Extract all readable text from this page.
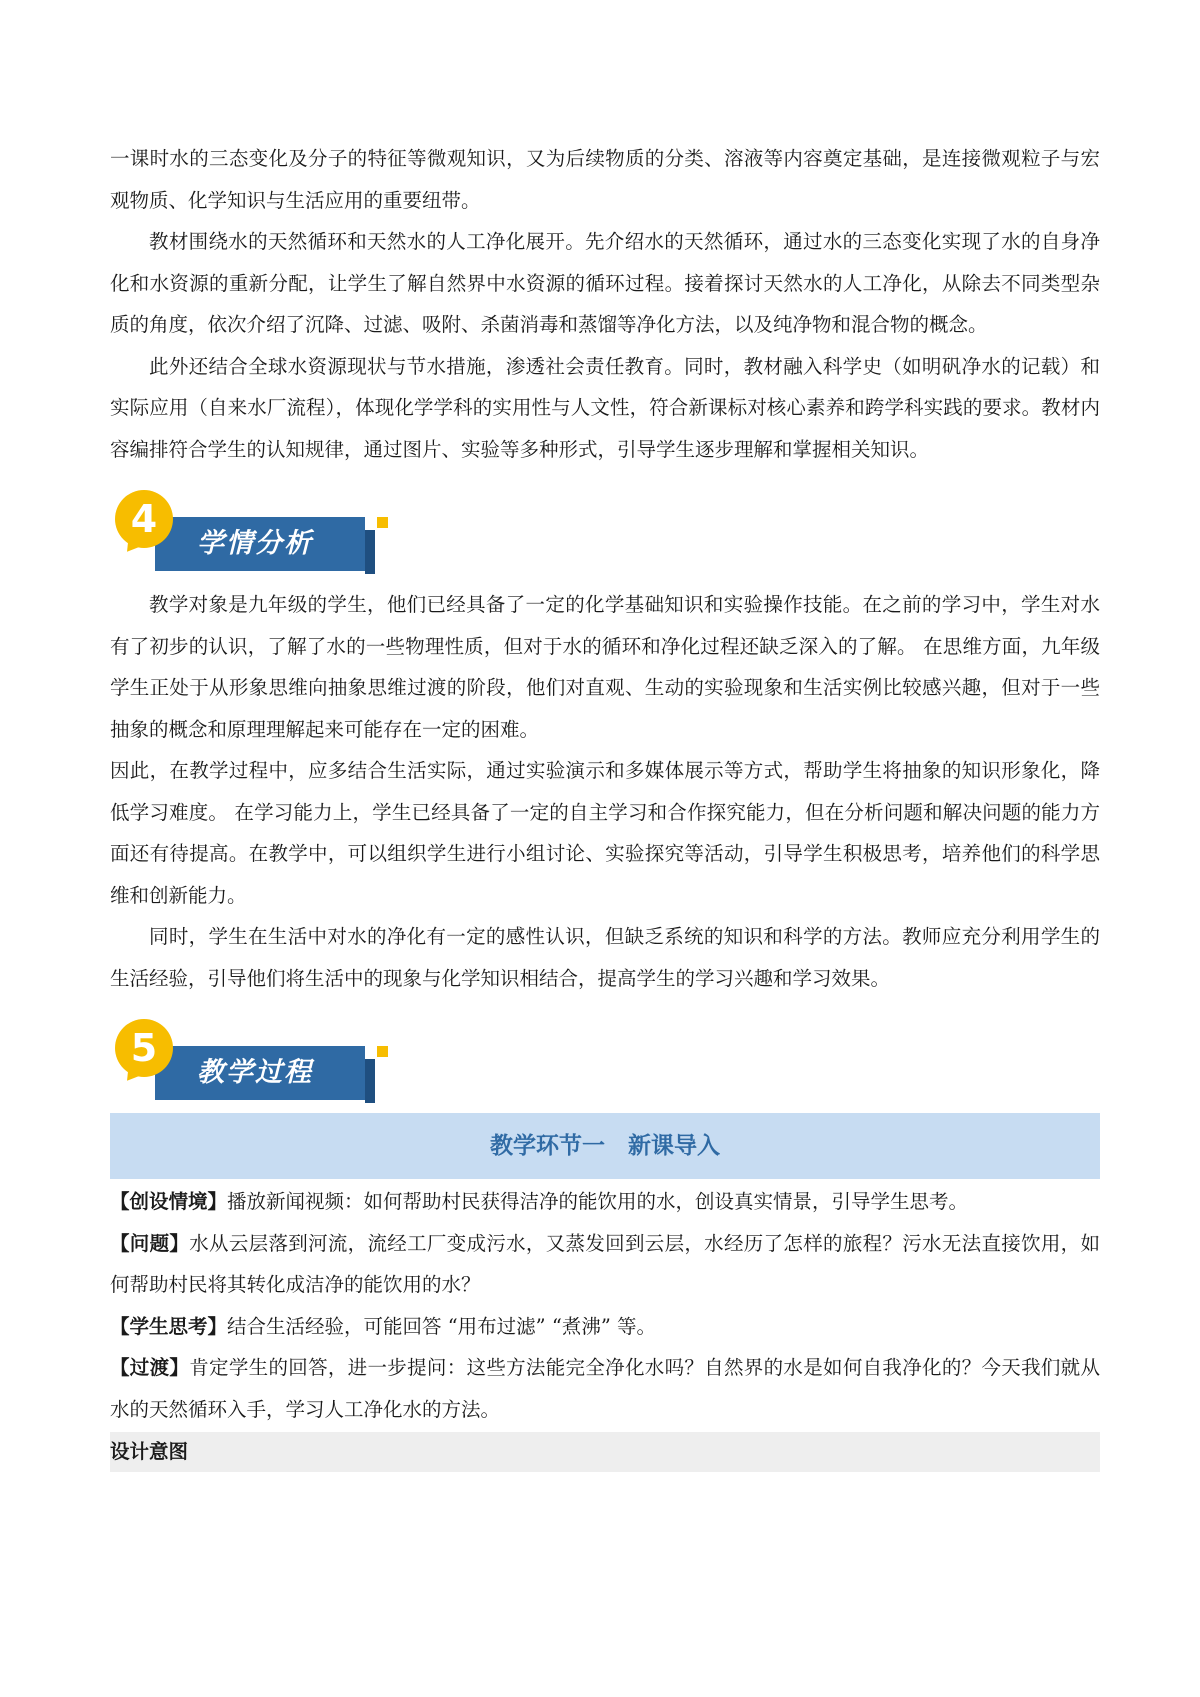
一课时水的三态变化及分子的特征等微观知识，又为后续物质的分类、溶液等内容奠定基础，是连接微观粒子与宏观物质、化学知识与生活应用的重要纽带。

教材围绕水的天然循环和天然水的人工净化展开。先介绍水的天然循环，通过水的三态变化实现了水的自身净化和水资源的重新分配，让学生了解自然界中水资源的循环过程。接着探讨天然水的人工净化，从除去不同类型杂质的角度，依次介绍了沉降、过滤、吸附、杀菌消毒和蒸馏等净化方法，以及纯净物和混合物的概念。

此外还结合全球水资源现状与节水措施，渗透社会责任教育。同时，教材融入科学史（如明矾净水的记载）和实际应用（自来水厂流程），体现化学学科的实用性与人文性，符合新课标对核心素养和跨学科实践的要求。教材内容编排符合学生的认知规律，通过图片、实验等多种形式，引导学生逐步理解和掌握相关知识。

4
学情分析

教学对象是九年级的学生，他们已经具备了一定的化学基础知识和实验操作技能。在之前的学习中，学生对水有了初步的认识，了解了水的一些物理性质，但对于水的循环和净化过程还缺乏深入的了解。 在思维方面，九年级学生正处于从形象思维向抽象思维过渡的阶段，他们对直观、生动的实验现象和生活实例比较感兴趣，但对于一些抽象的概念和原理理解起来可能存在一定的困难。

因此，在教学过程中，应多结合生活实际，通过实验演示和多媒体展示等方式，帮助学生将抽象的知识形象化，降低学习难度。 在学习能力上，学生已经具备了一定的自主学习和合作探究能力，但在分析问题和解决问题的能力方面还有待提高。在教学中，可以组织学生进行小组讨论、实验探究等活动，引导学生积极思考，培养他们的科学思维和创新能力。

同时，学生在生活中对水的净化有一定的感性认识，但缺乏系统的知识和科学的方法。教师应充分利用学生的生活经验，引导他们将生活中的现象与化学知识相结合，提高学生的学习兴趣和学习效果。

5
教学过程
教学环节一　新课导入

【创设情境】播放新闻视频：如何帮助村民获得洁净的能饮用的水，创设真实情景，引导学生思考。

【问题】水从云层落到河流，流经工厂变成污水，又蒸发回到云层，水经历了怎样的旅程？污水无法直接饮用，如何帮助村民将其转化成洁净的能饮用的水？

【学生思考】结合生活经验，可能回答 “用布过滤” “煮沸” 等。

【过渡】肯定学生的回答，进一步提问：这些方法能完全净化水吗？自然界的水是如何自我净化的？今天我们就从水的天然循环入手，学习人工净化水的方法。

设计意图
